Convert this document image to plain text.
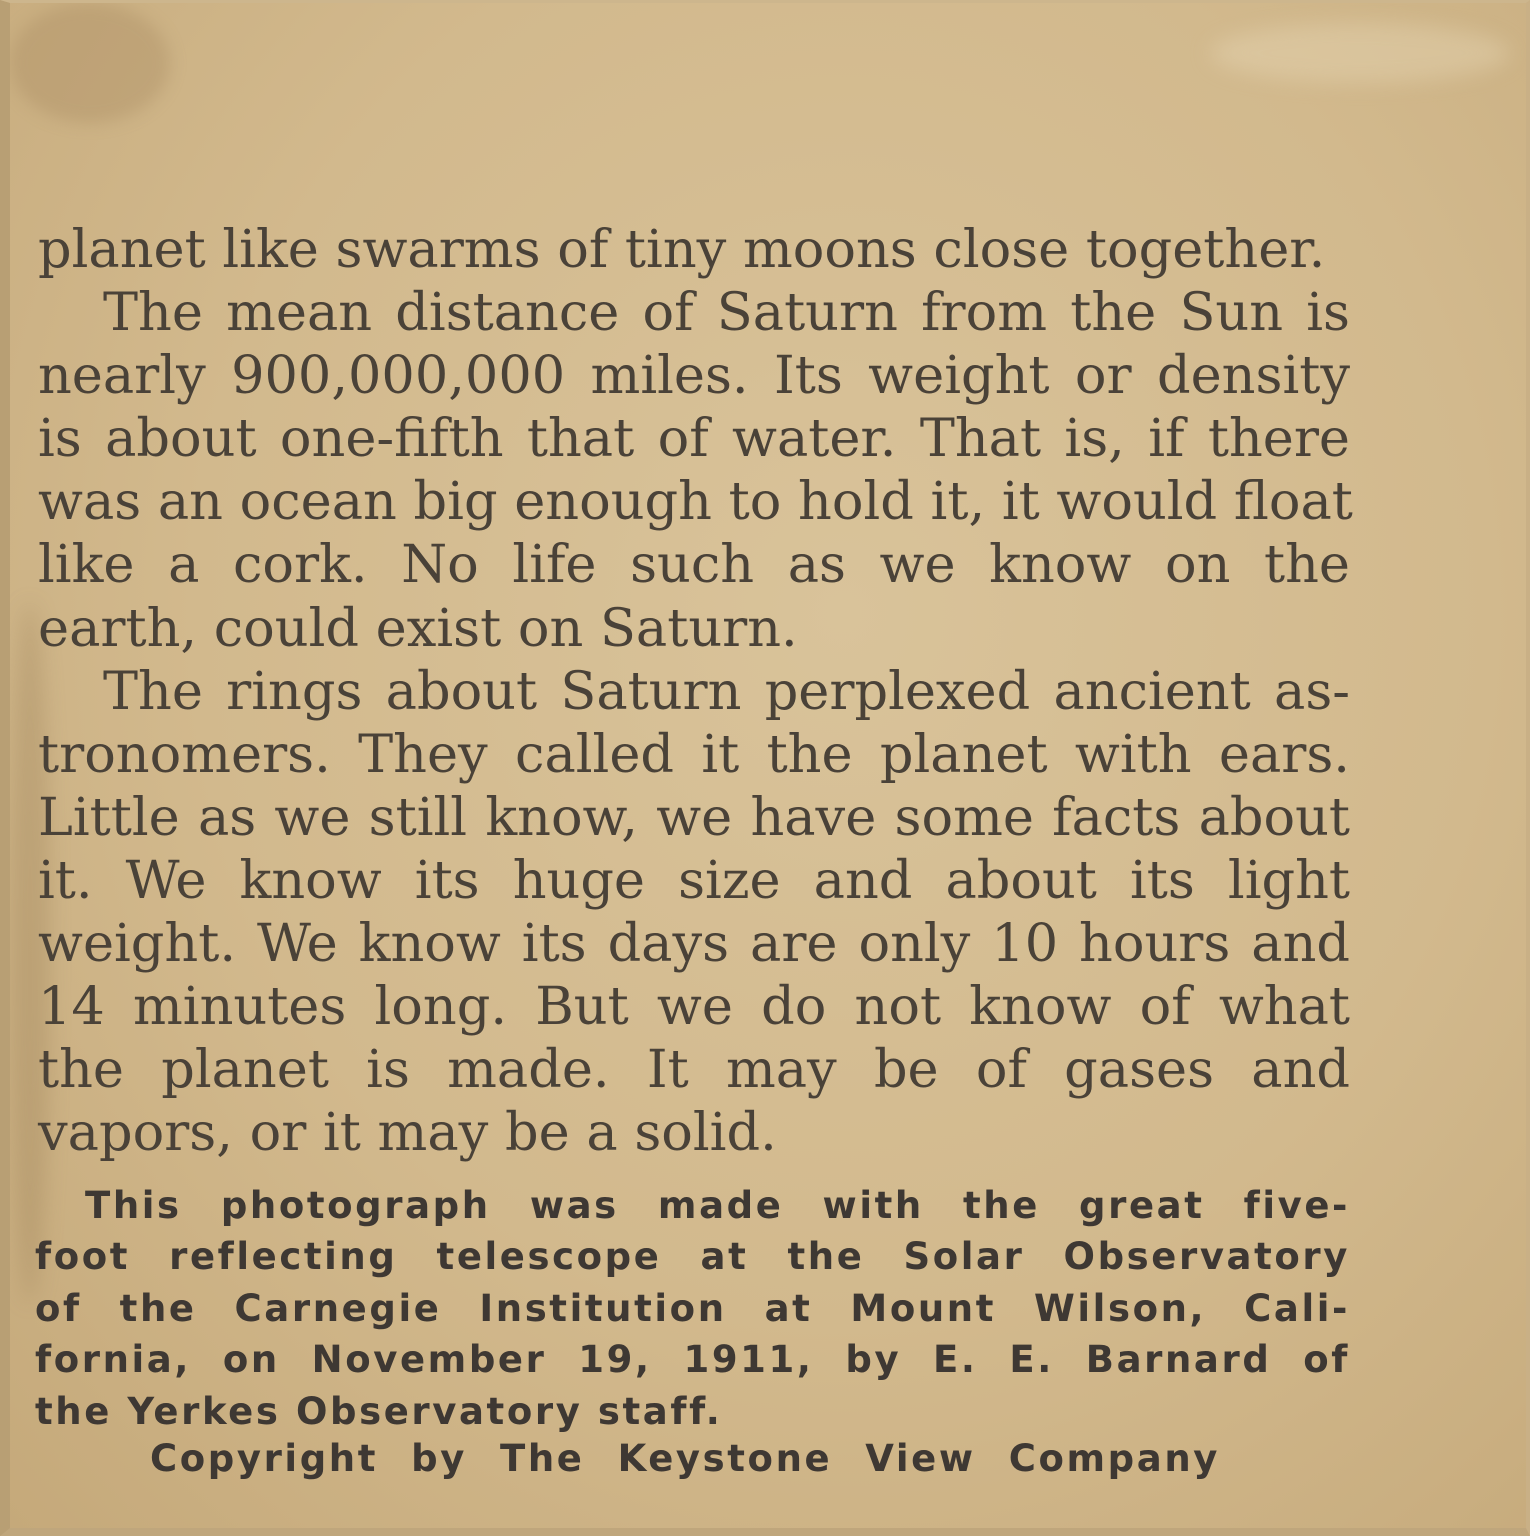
planet like swarms of tiny moons close together.
The mean distance of Saturn from the Sun is
nearly 900,000,000 miles. Its weight or density
is about one-fifth that of water. That is, if there
was an ocean big enough to hold it, it would float
like a cork. No life such as we know on the
earth, could exist on Saturn.
The rings about Saturn perplexed ancient as-
tronomers. They called it the planet with ears.
Little as we still know, we have some facts about
it. We know its huge size and about its light
weight. We know its days are only 10 hours and
14 minutes long. But we do not know of what
the planet is made. It may be of gases and
vapors, or it may be a solid.
This photograph was made with the great five-
foot reflecting telescope at the Solar Observatory
of the Carnegie Institution at Mount Wilson, Cali-
fornia, on November 19, 1911, by E. E. Barnard of
the Yerkes Observatory staff.
Copyright by The Keystone View Company
